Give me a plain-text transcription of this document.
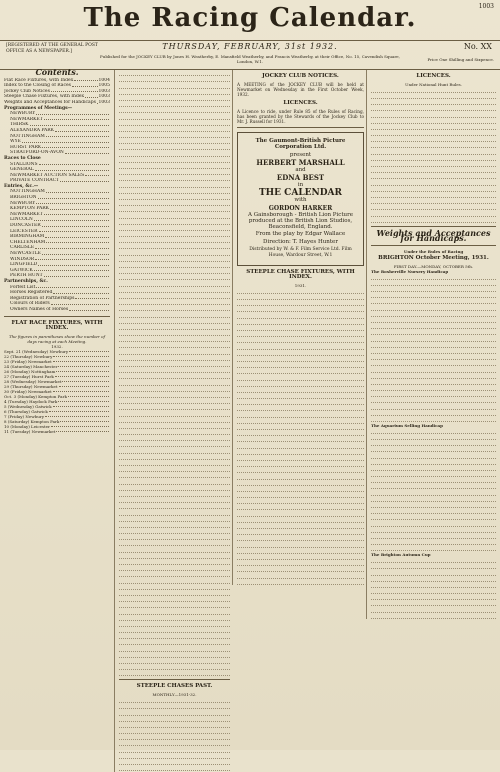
The Racing Calendar.	1003
[REGISTERED AT THE GENERAL POST OFFICE AS A NEWSPAPER.]
THURSDAY, FEBRUARY, 31st 1932.	No. XX
Published for the JOCKEY CLUB by Jones H. Weatherby, E. Mansfield Weatherby, and Francis Weatherby, at their Office, No. 15, Cavendish Square, London, W.1.	Price One Shilling and Sixpence.
Contents.
Flat Race Fixtures, with Index	1004
Index to the Closing of Races	1005
Jockey Club Notices	1003
Steeple Chase Fixtures, with Index	1003
Weights and Acceptances for Handicaps 1003
Programmes of Meetings—
NEWBURY
NEWMARKET
THIRSK
ALEXANDRA PARK
NOTTINGHAM
WYE
HURST PARK
STRATFORD-ON-AVON
Races to Close
STALLIONS
GENERAL
NEWMARKET AUCTION SALES
PRIVATE CONTRACT
Entries, &c.—
NOTTINGHAM
BRIGHTON
NEWBURY
KEMPTON PARK
NEWMARKET
LINCOLN
DONCASTER
LEICESTER
BIRMINGHAM
CHELTENHAM
CARLISLE
NEWCASTLE
WINDSOR
LINGFIELD
GATWICK
PERTH HUNT
Partnerships, &c.
Forfeit List
Horses Registered
Registration of Partnerships
Colours of Riders
Owners Names of Horses
FLAT RACE FIXTURES, WITH INDEX.
The figures in parentheses show the number of days racing at each Meeting.
1932.
Sept. 21 (Wednesday) Newbury
22 (Thursday) Newbury
23 (Friday) Newmarket
24 (Saturday) Manchester
26 (Monday) Nottingham
27 (Tuesday) Hurst Park
28 (Wednesday) Newmarket
29 (Thursday) Newmarket
30 (Friday) Newmarket
Oct. 3 (Monday) Kempton Park
4 (Tuesday) Haydock Park
5 (Wednesday) Gatwick
6 (Thursday) Gatwick
7 (Friday) Newbury
8 (Saturday) Kempton Park
10 (Monday) Leicester
11 (Tuesday) Newmarket
STEEPLE CHASES PAST.
MONTHLY—1931-32.
JOCKEY CLUB NOTICES.
A MEETING of the JOCKEY CLUB will be held at Newmarket on Wednesday in the First October Week, 1932.
LICENCES.
A Licence to ride, under Rule 85 of the Rules of Racing, has been granted by the Stewards of the Jockey Club to Mr. J. Russell for 1931.
The Gaumont-British Picture Corporation Ltd.
present
HERBERT MARSHALL
and
EDNA BEST
in
THE CALENDAR
with
GORDON HARKER
A Gainsborough - British Lion Picture produced at the British Lion Studios, Beaconsfield, England.
From the play by Edgar Wallace
Direction: T. Hayes Hunter
Distributed by W. & F. Film Service Ltd. Film House, Wardour Street, W.1
STEEPLE CHASE FIXTURES, WITH INDEX.
1931.
LICENCES.
Under National Hunt Rules.
Weights and Acceptances for Handicaps.
Under the Rules of Racing
BRIGHTON October Meeting, 1931.
FIRST DAY.—MONDAY, OCTOBER 5th.
The Rosherville Nursery Handicap
The Aquarium Selling Handicap
The Brighton Autumn Cup
